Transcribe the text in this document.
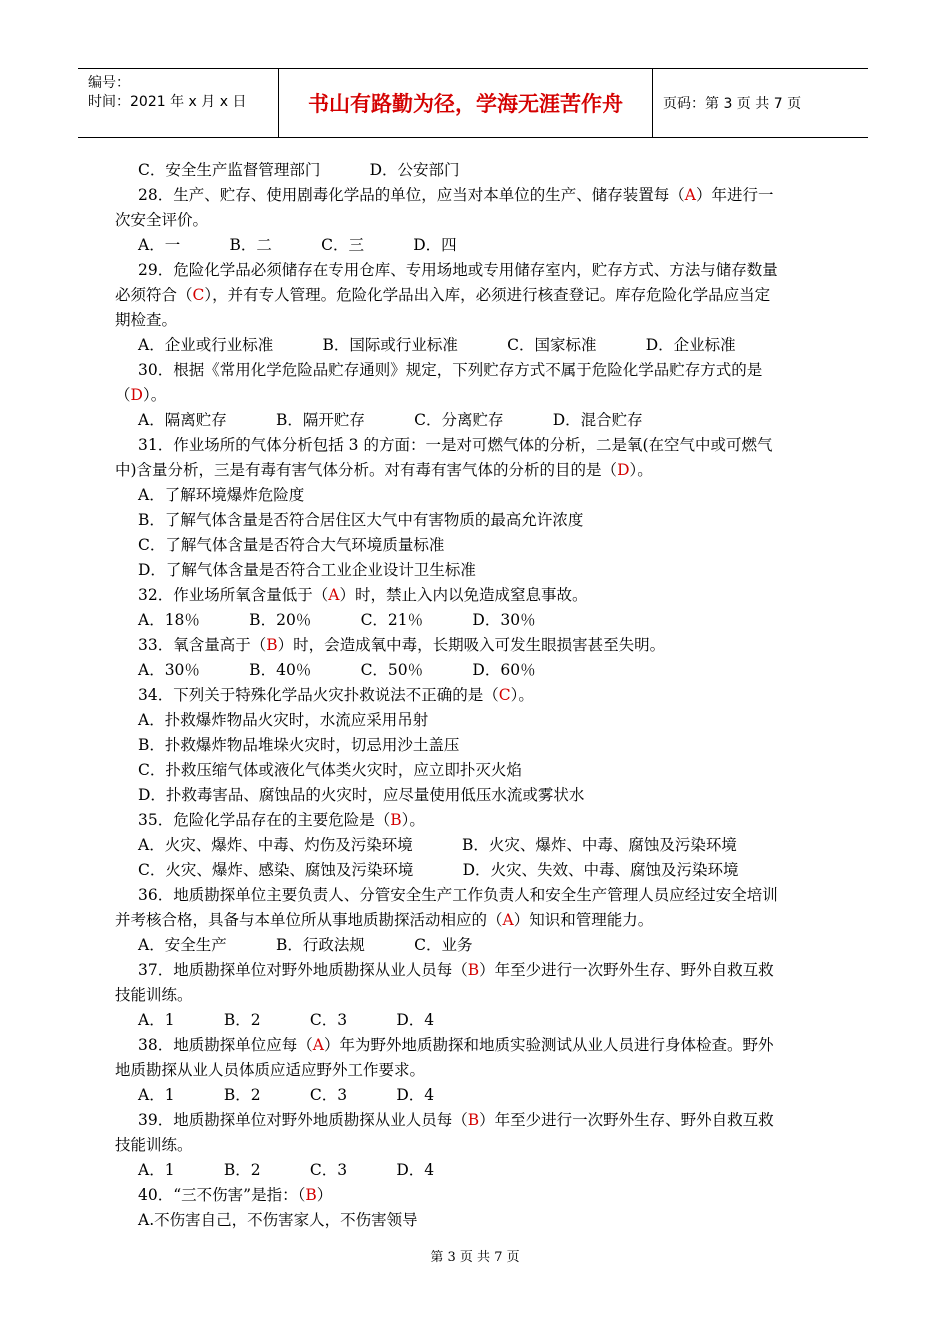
编号：
时间：2021 年 x 月 x 日	书山有路勤为径，学海无涯苦作舟	页码：第 3 页 共 7 页
C．安全生产监督管理部门          D．公安部门
28．生产、贮存、使用剧毒化学品的单位，应当对本单位的生产、储存装置每（A）年进行一
次安全评价。
A．一          B．二          C．三          D．四
29．危险化学品必须储存在专用仓库、专用场地或专用储存室内，贮存方式、方法与储存数量
必须符合（C），并有专人管理。危险化学品出入库，必须进行核查登记。库存危险化学品应当定
期检查。
A．企业或行业标准          B．国际或行业标准          C．国家标准          D．企业标准
30．根据《常用化学危险品贮存通则》规定，下列贮存方式不属于危险化学品贮存方式的是
（D）。
A．隔离贮存          B．隔开贮存          C．分离贮存          D．混合贮存
31．作业场所的气体分析包括 3 的方面：一是对可燃气体的分析，二是氧(在空气中或可燃气
中)含量分析，三是有毒有害气体分析。对有毒有害气体的分析的目的是（D）。
A．了解环境爆炸危险度
B．了解气体含量是否符合居住区大气中有害物质的最高允许浓度
C．了解气体含量是否符合大气环境质量标准
D．了解气体含量是否符合工业企业设计卫生标准
32．作业场所氧含量低于（A）时，禁止入内以免造成窒息事故。
A．18％          B．20％          C．21％          D．30％
33．氧含量高于（B）时，会造成氧中毒，长期吸入可发生眼损害甚至失明。
A．30％          B．40％          C．50％          D．60％
34．下列关于特殊化学品火灾扑救说法不正确的是（C）。
A．扑救爆炸物品火灾时，水流应采用吊射
B．扑救爆炸物品堆垛火灾时，切忌用沙土盖压
C．扑救压缩气体或液化气体类火灾时，应立即扑灭火焰
D．扑救毒害品、腐蚀品的火灾时，应尽量使用低压水流或雾状水
35．危险化学品存在的主要危险是（B）。
A．火灾、爆炸、中毒、灼伤及污染环境          B．火灾、爆炸、中毒、腐蚀及污染环境
C．火灾、爆炸、感染、腐蚀及污染环境          D．火灾、失效、中毒、腐蚀及污染环境
36．地质勘探单位主要负责人、分管安全生产工作负责人和安全生产管理人员应经过安全培训
并考核合格，具备与本单位所从事地质勘探活动相应的（A）知识和管理能力。
A．安全生产          B．行政法规          C．业务
37．地质勘探单位对野外地质勘探从业人员每（B）年至少进行一次野外生存、野外自救互救
技能训练。
A．1          B．2          C．3          D．4
38．地质勘探单位应每（A）年为野外地质勘探和地质实验测试从业人员进行身体检查。野外
地质勘探从业人员体质应适应野外工作要求。
A．1          B．2          C．3          D．4
39．地质勘探单位对野外地质勘探从业人员每（B）年至少进行一次野外生存、野外自救互救
技能训练。
A．1          B．2          C．3          D．4
40．“三不伤害”是指：（B）
A.不伤害自己，不伤害家人，不伤害领导
第 3 页 共 7 页
